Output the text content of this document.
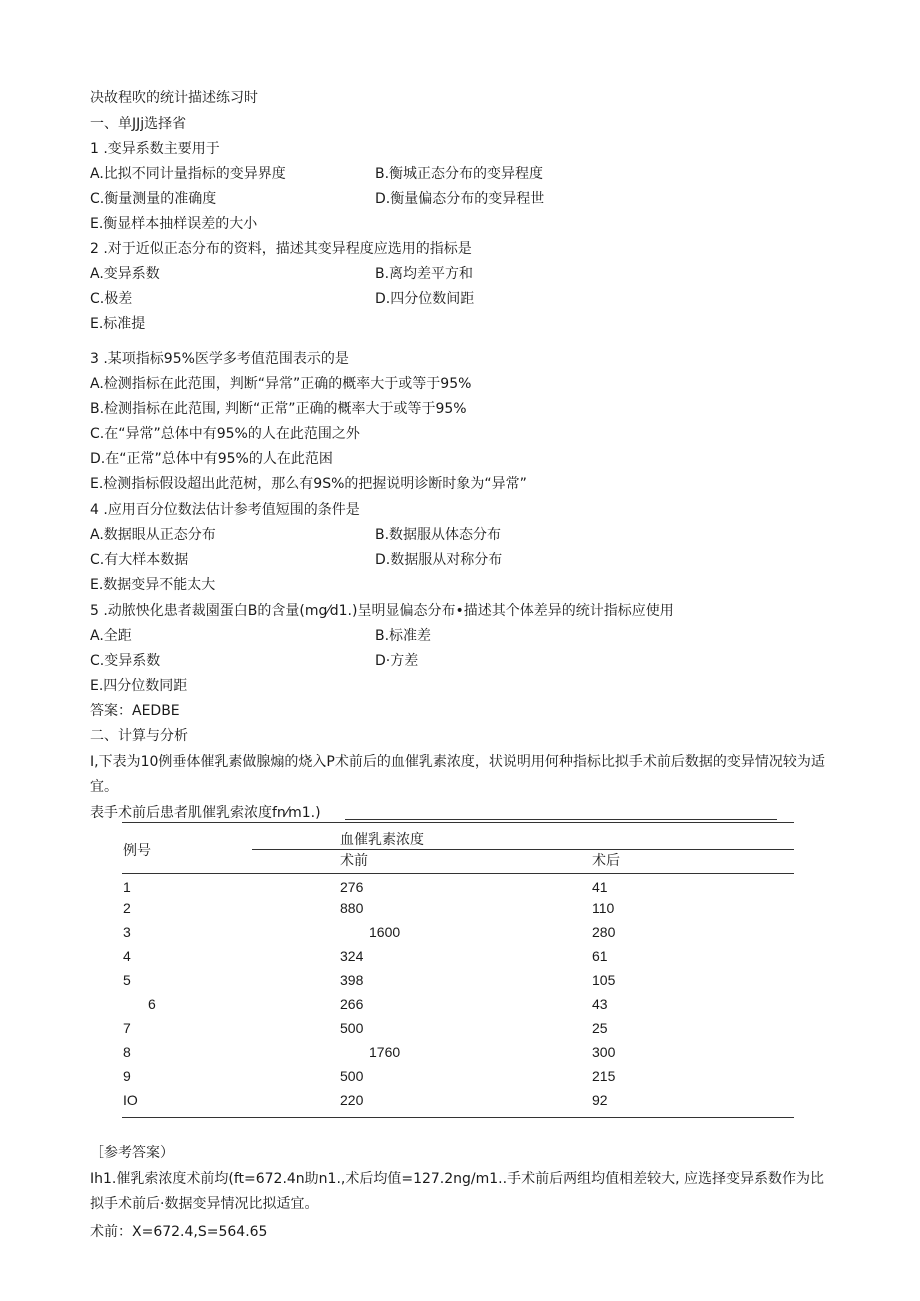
决故程吹的统计描述练习时
一、单JJj选择省
1 .变异系数主要用于
A.比拟不同计量指标的变异界度	B.衡城正态分布的变异程度
C.衡量测量的准确度	D.衡量偏态分布的变异程世
E.衡显样本抽样误差的大小
2 .对于近似正态分布的资料，描述其变异程度应选用的指标是
A.变异系数	B.离均差平方和
C.极差	D.四分位数间距
E.标准提
3 .某项指标95%医学多考值范围表示的是
A.检测指标在此范围，判断“异常”正确的概率大于或等于95%
B.检测指标在此范围, 判断“正常”正确的概率大于或等于95%
C.在“异常”总体中有95%的人在此范围之外
D.在“正常”总体中有95%的人在此范困
E.检测指标假设超出此范树，那么有9S%的把握说明诊断时象为“异常”
4 .应用百分位数法估计参考值短围的条件是
A.数据眼从正态分布	B.数据服从体态分布
C.有大样本数据	D.数据服从对称分布
E.数据变异不能太大
5 .动脓怏化患者裁園蛋白B的含量(mg⁄d1.)呈明显偏态分布•描述其个体差异的统计指标应使用
A.全距	B.标准差
C.变异系数	D·方差
E.四分位数同距
答案：AEDBE
二、计算与分析
I,下表为10例垂体催乳素做腺煽的烧入P术前后的血催乳素浓度，状说明用何种指标比拟手术前后数据的变异情况较为适宜。
表手术前后患者肌催乳索浓度fn⁄m1.)
例号
血催乳素浓度
术前	术后
1	276	41
2	880	110
3	1600	280
4	324	61
5	398	105
6	266	43
7	500	25
8	1760	300
9	500	215
IO	220	92
［参考答案）
Ih1.催乳索浓度术前均(ft=672.4n助n1.,术后均值=127.2ng/m1..手术前后两组均值相差较大, 应选择变异系数作为比拟手术前后·数据变异情况比拟适宜。
术前：X=672.4,S=564.65
